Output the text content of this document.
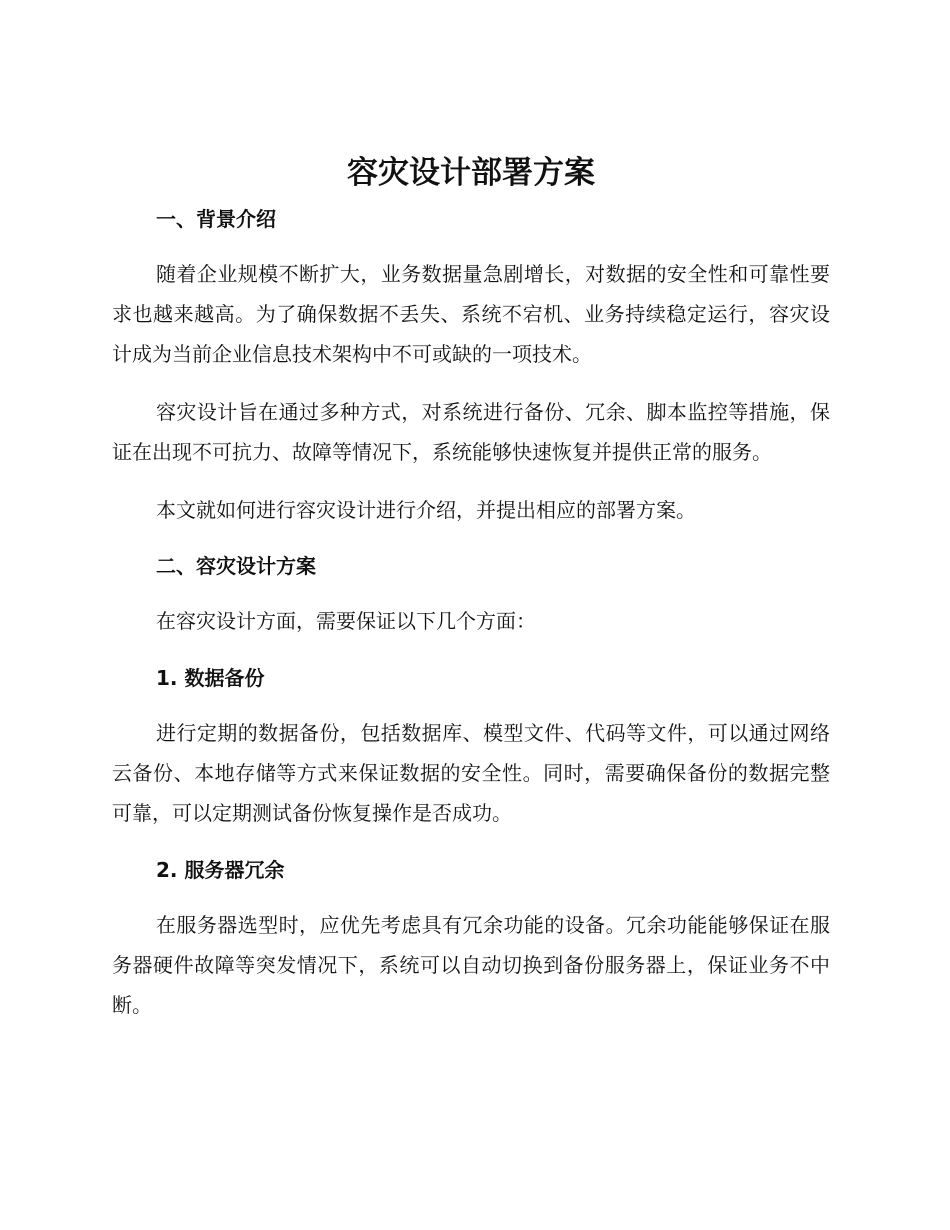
容灾设计部署方案
一、背景介绍

随着企业规模不断扩大，业务数据量急剧增长，对数据的安全性和可靠性要求也越来越高。为了确保数据不丢失、系统不宕机、业务持续稳定运行，容灾设计成为当前企业信息技术架构中不可或缺的一项技术。

容灾设计旨在通过多种方式，对系统进行备份、冗余、脚本监控等措施，保证在出现不可抗力、故障等情况下，系统能够快速恢复并提供正常的服务。

本文就如何进行容灾设计进行介绍，并提出相应的部署方案。

二、容灾设计方案

在容灾设计方面，需要保证以下几个方面：

1. 数据备份

进行定期的数据备份，包括数据库、模型文件、代码等文件，可以通过网络云备份、本地存储等方式来保证数据的安全性。同时，需要确保备份的数据完整可靠，可以定期测试备份恢复操作是否成功。

2. 服务器冗余

在服务器选型时，应优先考虑具有冗余功能的设备。冗余功能能够保证在服务器硬件故障等突发情况下，系统可以自动切换到备份服务器上，保证业务不中断。
